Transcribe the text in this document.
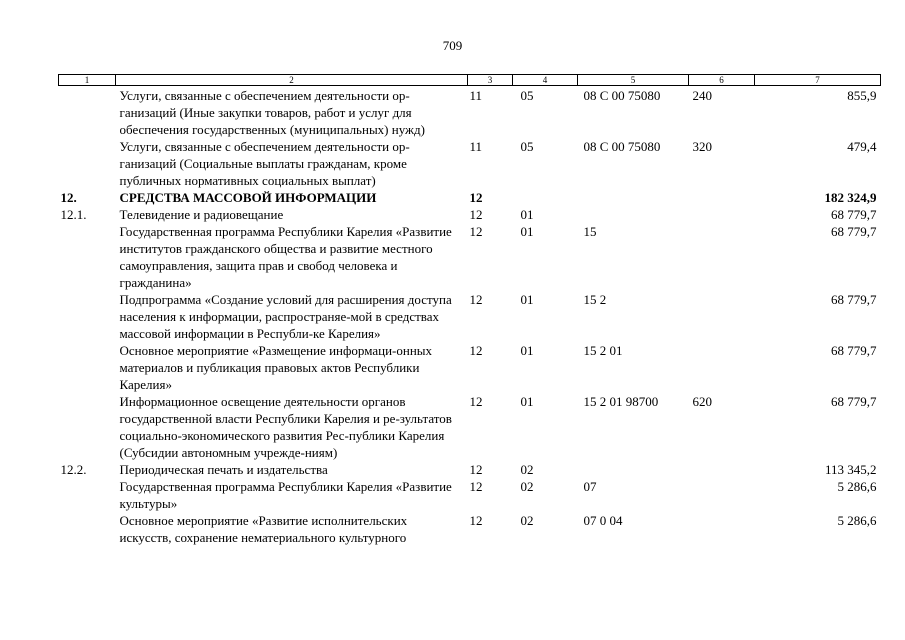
709
1	2	3	4	5	6	7
	Услуги, связанные с обеспечением деятельности ор-ганизаций (Иные закупки товаров, работ и услуг для обеспечения государственных (муниципальных) нужд)	11	05	08 С 00 75080	240	855,9
	Услуги, связанные с обеспечением деятельности ор-ганизаций (Социальные выплаты гражданам, кроме публичных нормативных социальных выплат)	11	05	08 С 00 75080	320	479,4
12.	СРЕДСТВА МАССОВОЙ ИНФОРМАЦИИ	12				182 324,9
12.1.	Телевидение и радиовещание	12	01			68 779,7
	Государственная программа Республики Карелия «Развитие институтов гражданского общества и развитие местного самоуправления, защита прав и свобод человека и гражданина»	12	01	15		68 779,7
	Подпрограмма «Создание условий для расширения доступа населения к информации, распространяе-мой в средствах массовой информации в Республи-ке Карелия»	12	01	15 2		68 779,7
	Основное мероприятие «Размещение информаци-онных материалов и публикация правовых актов Республики Карелия»	12	01	15 2 01		68 779,7
	Информационное освещение деятельности органов государственной власти Республики Карелия и ре-зультатов социально-экономического развития Рес-публики Карелия (Субсидии автономным учрежде-ниям)	12	01	15 2 01 98700	620	68 779,7
12.2.	Периодическая печать и издательства	12	02			113 345,2
	Государственная программа Республики Карелия «Развитие культуры»	12	02	07		5 286,6
	Основное мероприятие «Развитие исполнительских искусств, сохранение нематериального культурного	12	02	07 0 04		5 286,6
